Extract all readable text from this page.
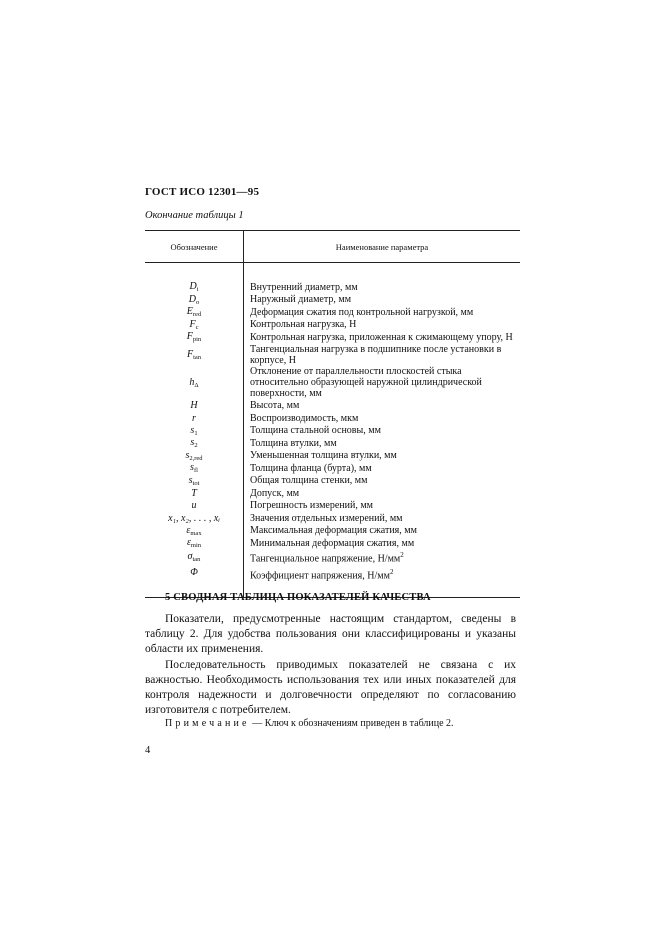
ГОСТ ИСО 12301—95
Окончание таблицы 1
Обозначение	Наименование параметра

$D_i$	Внутренний диаметр, мм
$D_o$	Наружный диаметр, мм
$E_{red}$	Деформация сжатия под контрольной нагрузкой, мм
$F_c$	Контрольная нагрузка, Н
$F_{pin}$	Контрольная нагрузка, приложенная к сжимающему упору, Н
$F_{tan}$	Тангенциальная нагрузка в подшипнике после установки в корпусе, Н
$h_\Delta$	Отклонение от параллельности плоскостей стыка относительно образующей наружной цилиндрической поверхности, мм
H	Высота, мм
r	Воспроизводимость, мкм
$s_1$	Толщина стальной основы, мм
$s_2$	Толщина втулки, мм
$s_{2,red}$	Уменьшенная толщина втулки, мм
$s_{fl}$	Толщина фланца (бурта), мм
$s_{tot}$	Общая толщина стенки, мм
T	Допуск, мм
u	Погрешность измерений, мм
x₁, x₂, . . . , xᵢ	Значения отдельных измерений, мм
$\varepsilon_{max}$	Максимальная деформация сжатия, мм
$\varepsilon_{min}$	Минимальная деформация сжатия, мм
$\sigma_{tan}$	Тангенциальное напряжение, $Н/мм^2$
Φ	Коэффициент напряжения, $Н/мм^2$
5 СВОДНАЯ ТАБЛИЦА ПОКАЗАТЕЛЕЙ КАЧЕСТВА
Показатели, предусмотренные настоящим стандартом, сведены в таблицу 2. Для удобства пользования они классифицированы и указаны области их применения.
Последовательность приводимых показателей не связана с их важностью. Необходимость использования тех или иных показателей для контроля надежности и долговечности определяют по согласованию изготовителя с потребителем.
Примечание — Ключ к обозначениям приведен в таблице 2.
4
